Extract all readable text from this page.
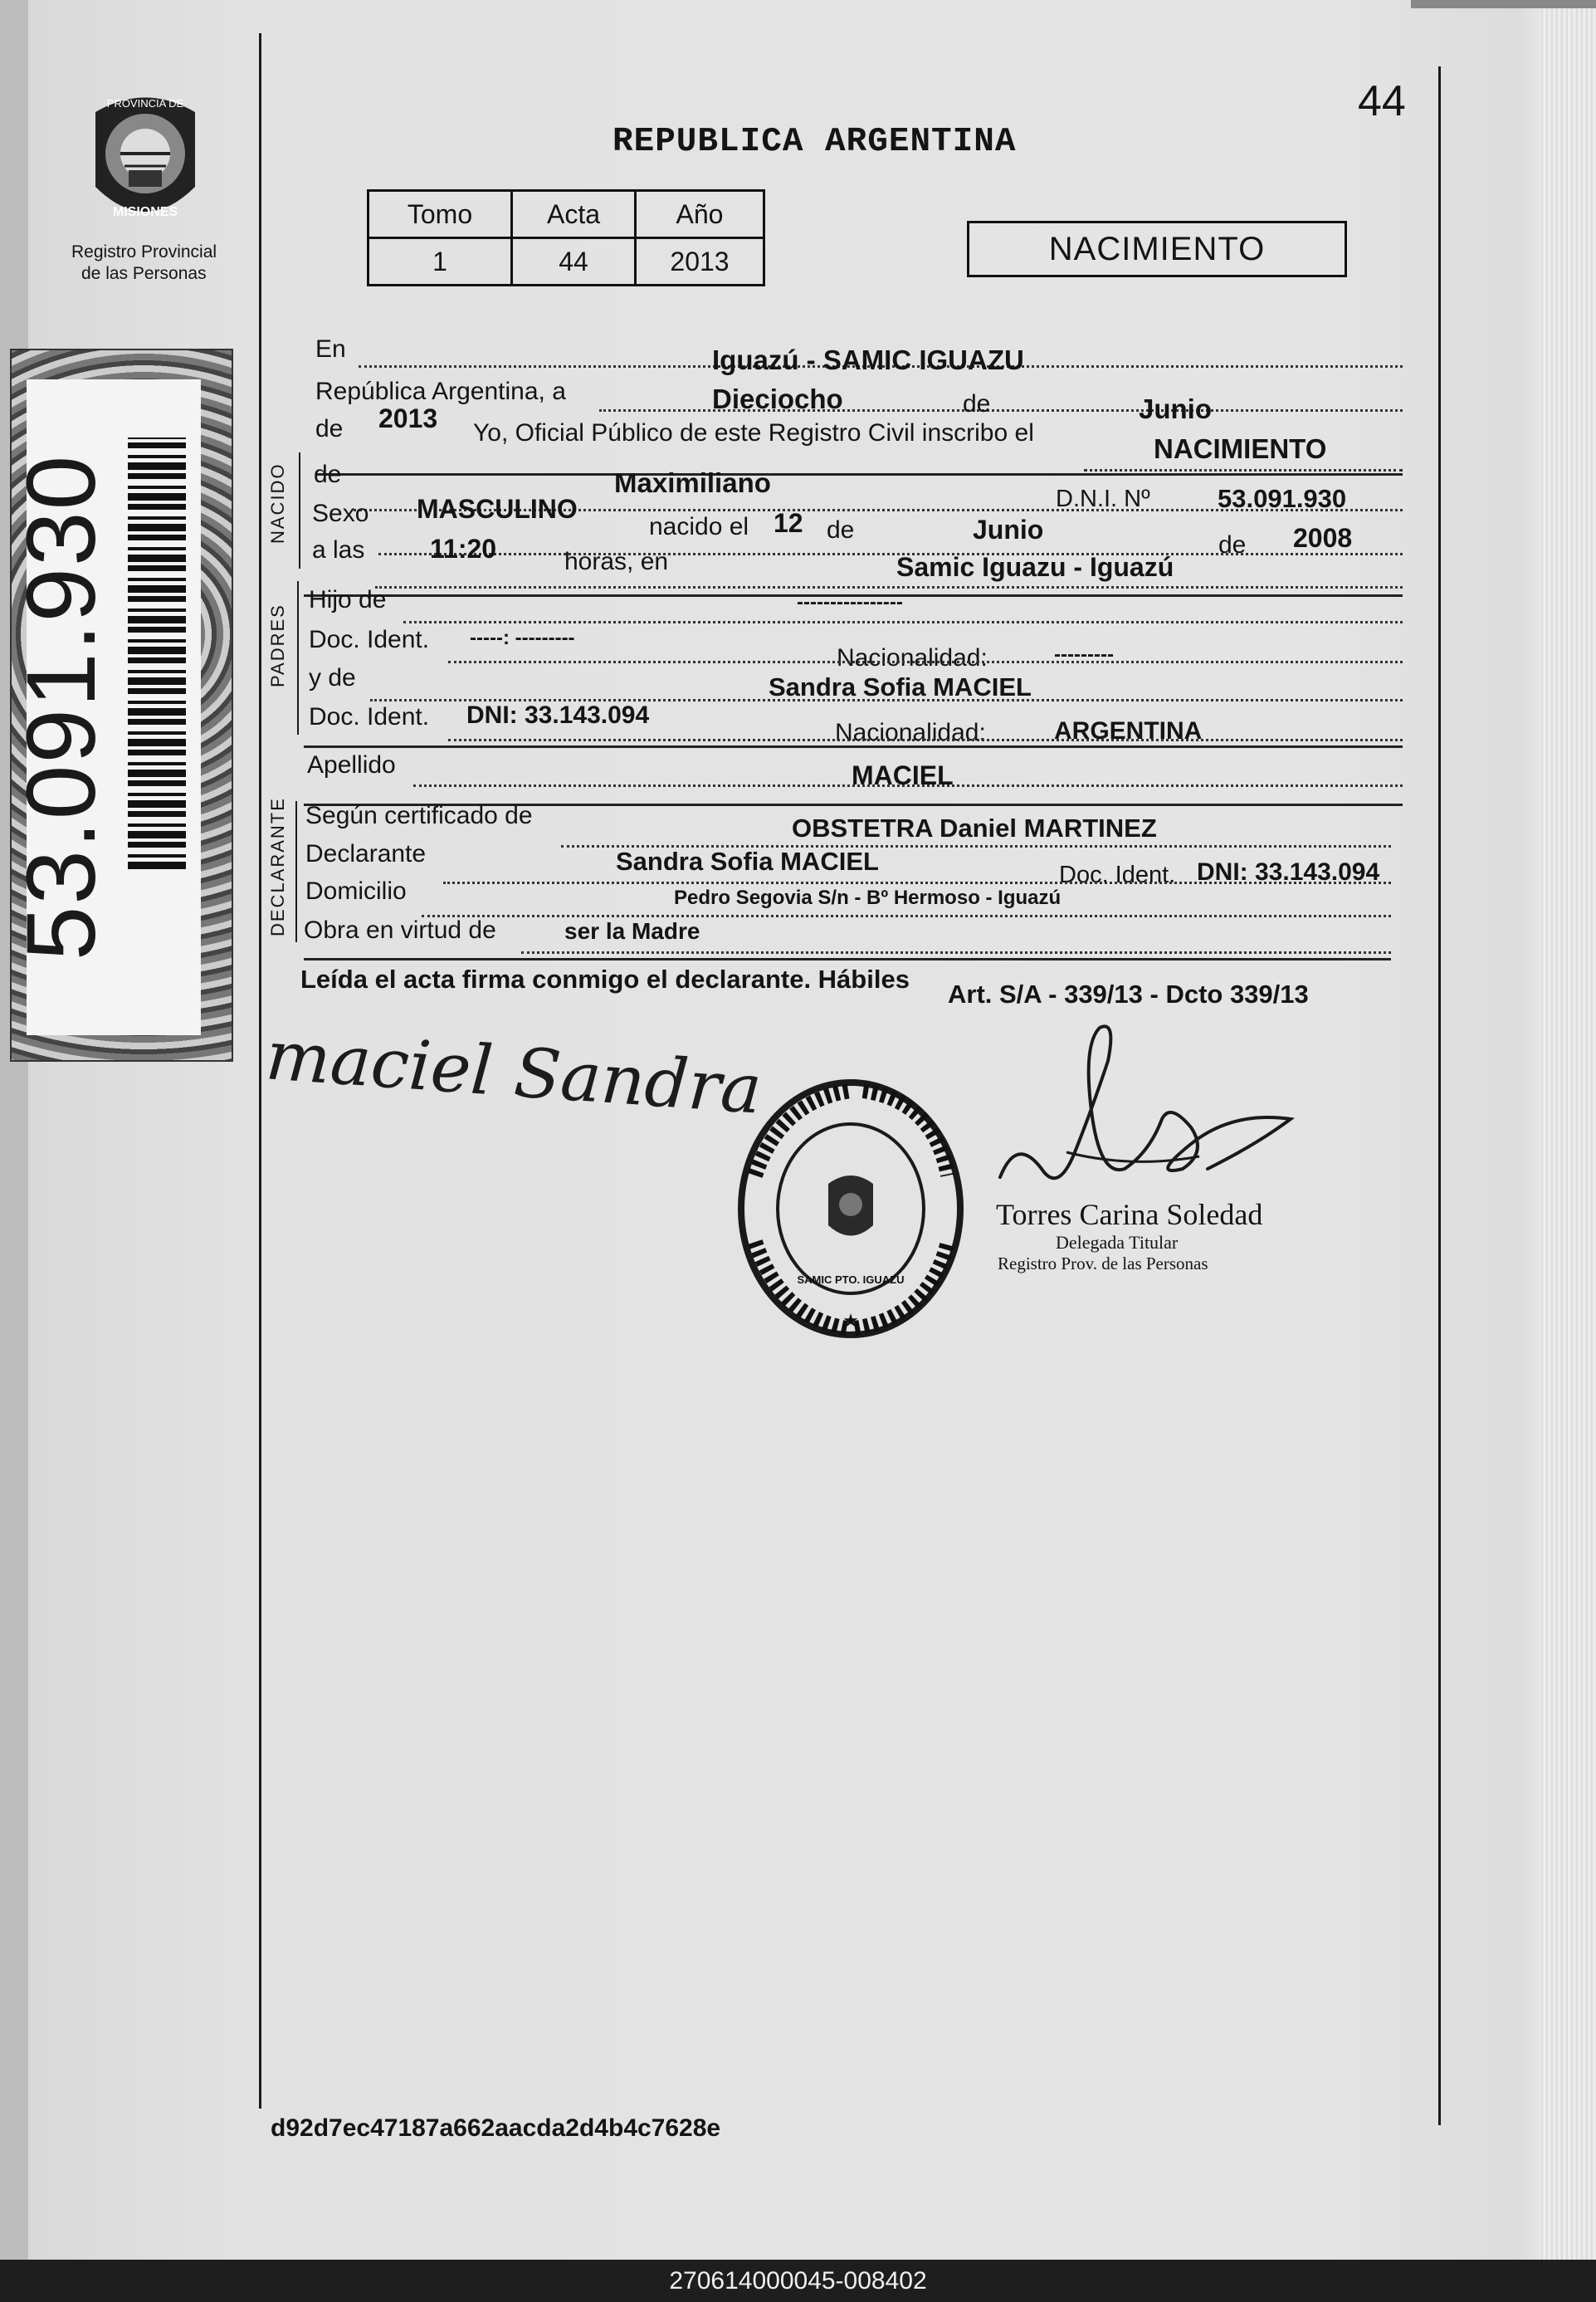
PROVINCIA DE
MISIONES
Registro Provincial
de las Personas
53.091.930
44
REPUBLICA ARGENTINA
Tomo	Acta	Año
1	44	2013	NACIMIENTO
NACIDO
PADRES
DECLARANTE
En	Iguazú - SAMIC IGUAZU
República Argentina, a	Dieciocho	de	Junio
de 2013 Yo, Oficial Público de este Registro Civil inscribo el
NACIMIENTO
de	Maximiliano
D.N.I. Nº	53.091.930
Sexo MASCULINO
nacido el 12 de	Junio
de 2008
a las 11:20	horas, en	Samic Iguazu - Iguazú
Hijo de	----------------
Doc. Ident. -----: ---------
Nacionalidad:	---------
y de	Sandra Sofia MACIEL
Doc. Ident. DNI: 33.143.094
Nacionalidad:	ARGENTINA
Apellido	MACIEL
Según certificado de	OBSTETRA Daniel MARTINEZ
Declarante	Sandra Sofia MACIEL	Doc. Ident. DNI: 33.143.094
Domicilio	Pedro Segovia S/n - Bº Hermoso - Iguazú
Obra en virtud de	ser la Madre
Leída el acta firma conmigo el declarante. Hábiles
Art. S/A - 339/13 - Dcto 339/13
maciel Sandra
SAMIC PTO. IGUAZU
DELEGACION DEL REGISTRO PROVINCIAL DE LAS PERSONAS
★
Torres Carina Soledad
Delegada Titular
Registro Prov. de las Personas
d92d7ec47187a662aacda2d4b4c7628e
270614000045-008402
